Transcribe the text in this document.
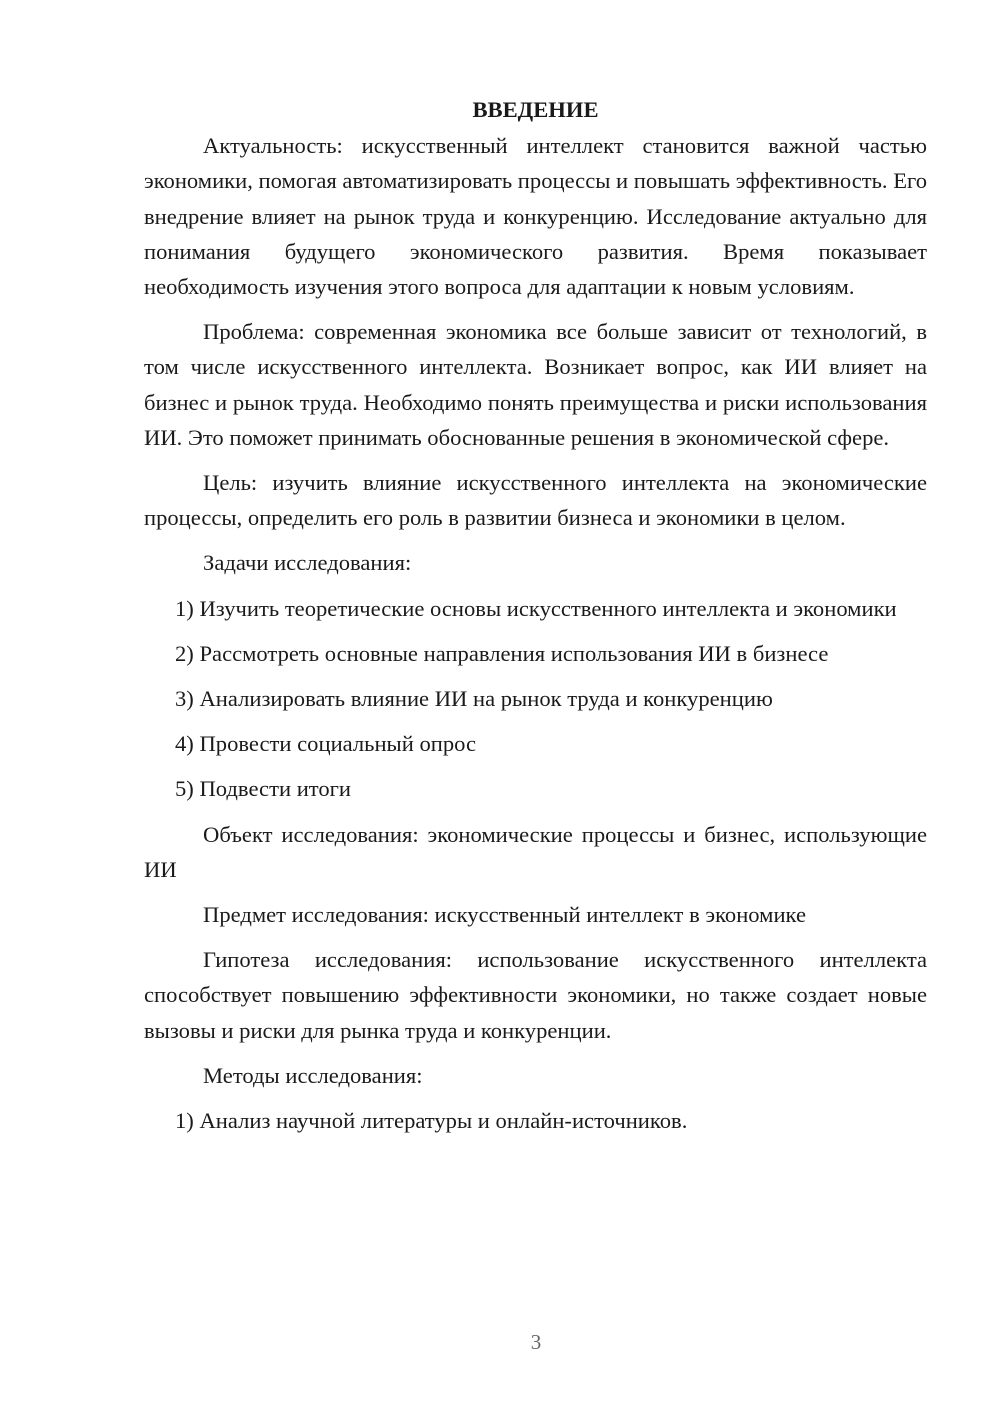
ВВЕДЕНИЕ

Актуальность: искусственный интеллект становится важной частью экономики, помогая автоматизировать процессы и повышать эффективность. Его внедрение влияет на рынок труда и конкуренцию. Исследование актуально для понимания будущего экономического развития. Время показывает необходимость изучения этого вопроса для адаптации к новым условиям.

Проблема: современная экономика все больше зависит от технологий, в том числе искусственного интеллекта. Возникает вопрос, как ИИ влияет на бизнес и рынок труда. Необходимо понять преимущества и риски использования ИИ. Это поможет принимать обоснованные решения в экономической сфере.

Цель: изучить влияние искусственного интеллекта на экономические процессы, определить его роль в развитии бизнеса и экономики в целом.

Задачи исследования:

1) Изучить теоретические основы искусственного интеллекта и экономики

2) Рассмотреть основные направления использования ИИ в бизнесе

3) Анализировать влияние ИИ на рынок труда и конкуренцию

4) Провести социальный опрос

5) Подвести итоги

Объект исследования: экономические процессы и бизнес, использующие ИИ

Предмет исследования: искусственный интеллект в экономике

Гипотеза исследования: использование искусственного интеллекта способствует повышению эффективности экономики, но также создает новые вызовы и риски для рынка труда и конкуренции.

Методы исследования:

1) Анализ научной литературы и онлайн-источников.

3
